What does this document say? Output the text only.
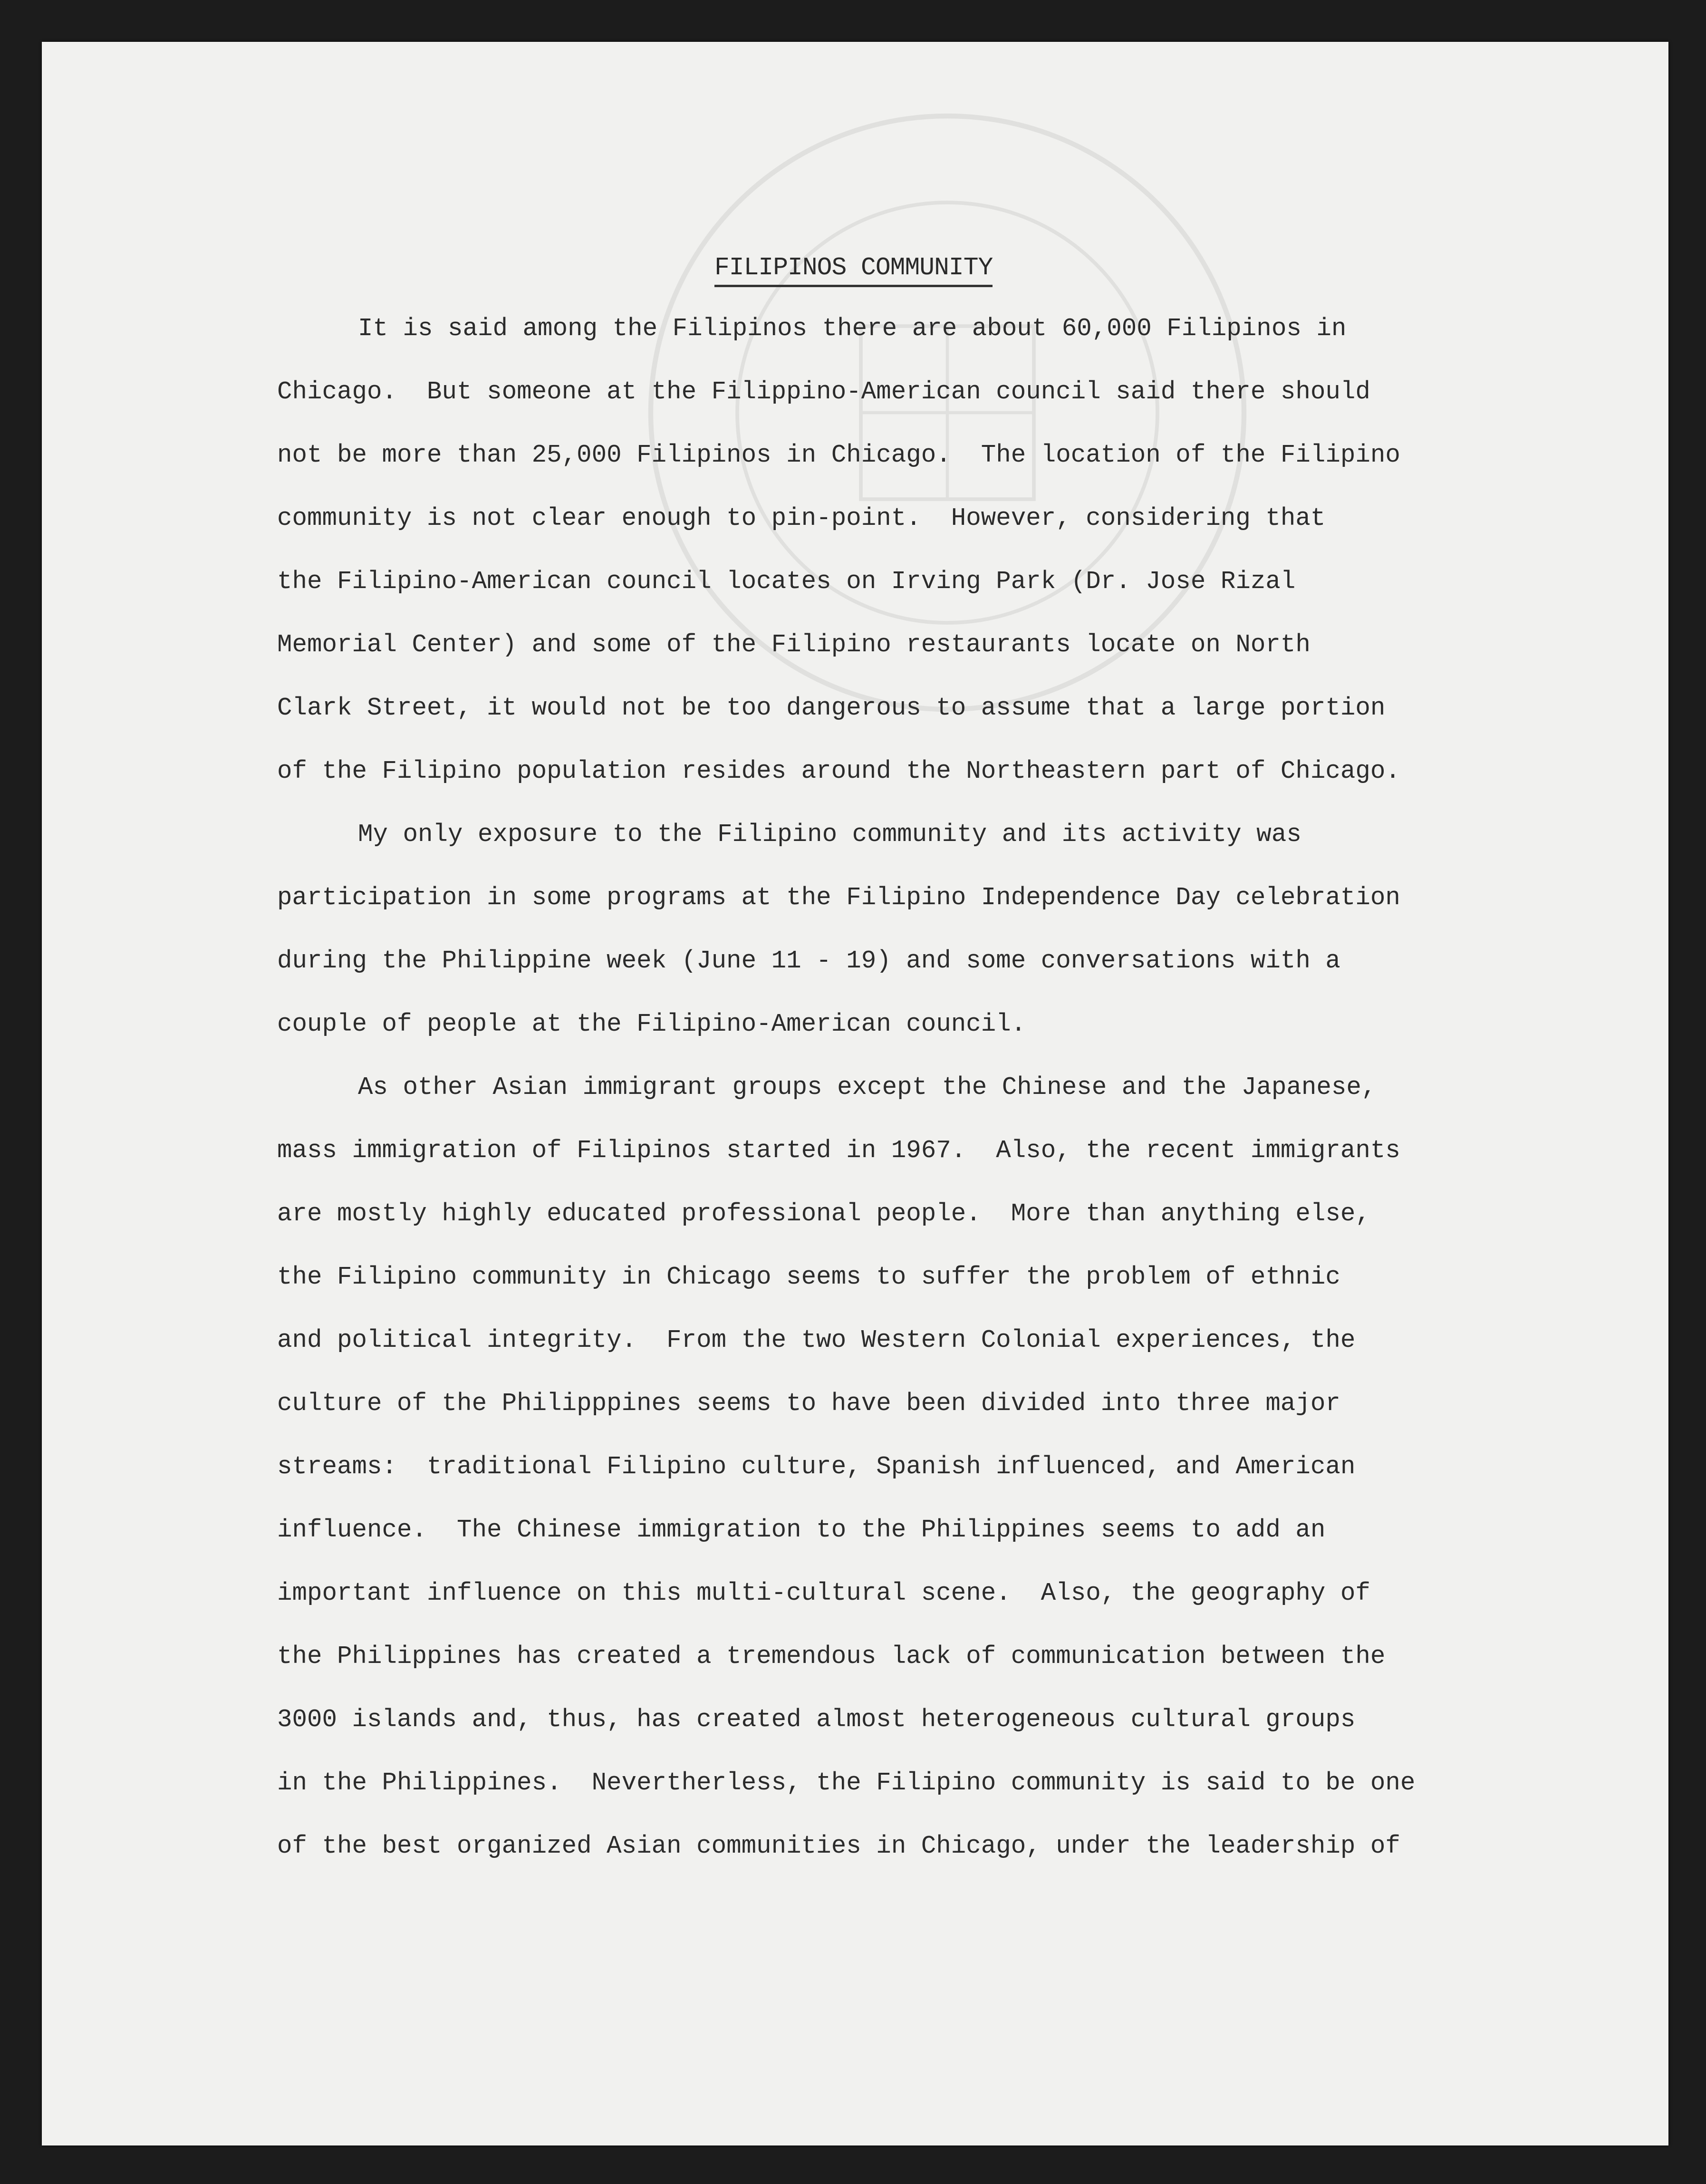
FILIPINOS COMMUNITY
It is said among the Filipinos there are about 60,000 Filipinos in
Chicago.  But someone at the Filippino-American council said there should
not be more than 25,000 Filipinos in Chicago.  The location of the Filipino
community is not clear enough to pin-point.  However, considering that
the Filipino-American council locates on Irving Park (Dr. Jose Rizal
Memorial Center) and some of the Filipino restaurants locate on North
Clark Street, it would not be too dangerous to assume that a large portion
of the Filipino population resides around the Northeastern part of Chicago.
My only exposure to the Filipino community and its activity was
participation in some programs at the Filipino Independence Day celebration
during the Philippine week (June 11 - 19) and some conversations with a
couple of people at the Filipino-American council.
As other Asian immigrant groups except the Chinese and the Japanese,
mass immigration of Filipinos started in 1967.  Also, the recent immigrants
are mostly highly educated professional people.  More than anything else,
the Filipino community in Chicago seems to suffer the problem of ethnic
and political integrity.  From the two Western Colonial experiences, the
culture of the Philipppines seems to have been divided into three major
streams:  traditional Filipino culture, Spanish influenced, and American
influence.  The Chinese immigration to the Philippines seems to add an
important influence on this multi-cultural scene.  Also, the geography of
the Philippines has created a tremendous lack of communication between the
3000 islands and, thus, has created almost heterogeneous cultural groups
in the Philippines.  Nevertherless, the Filipino community is said to be one
of the best organized Asian communities in Chicago, under the leadership of
